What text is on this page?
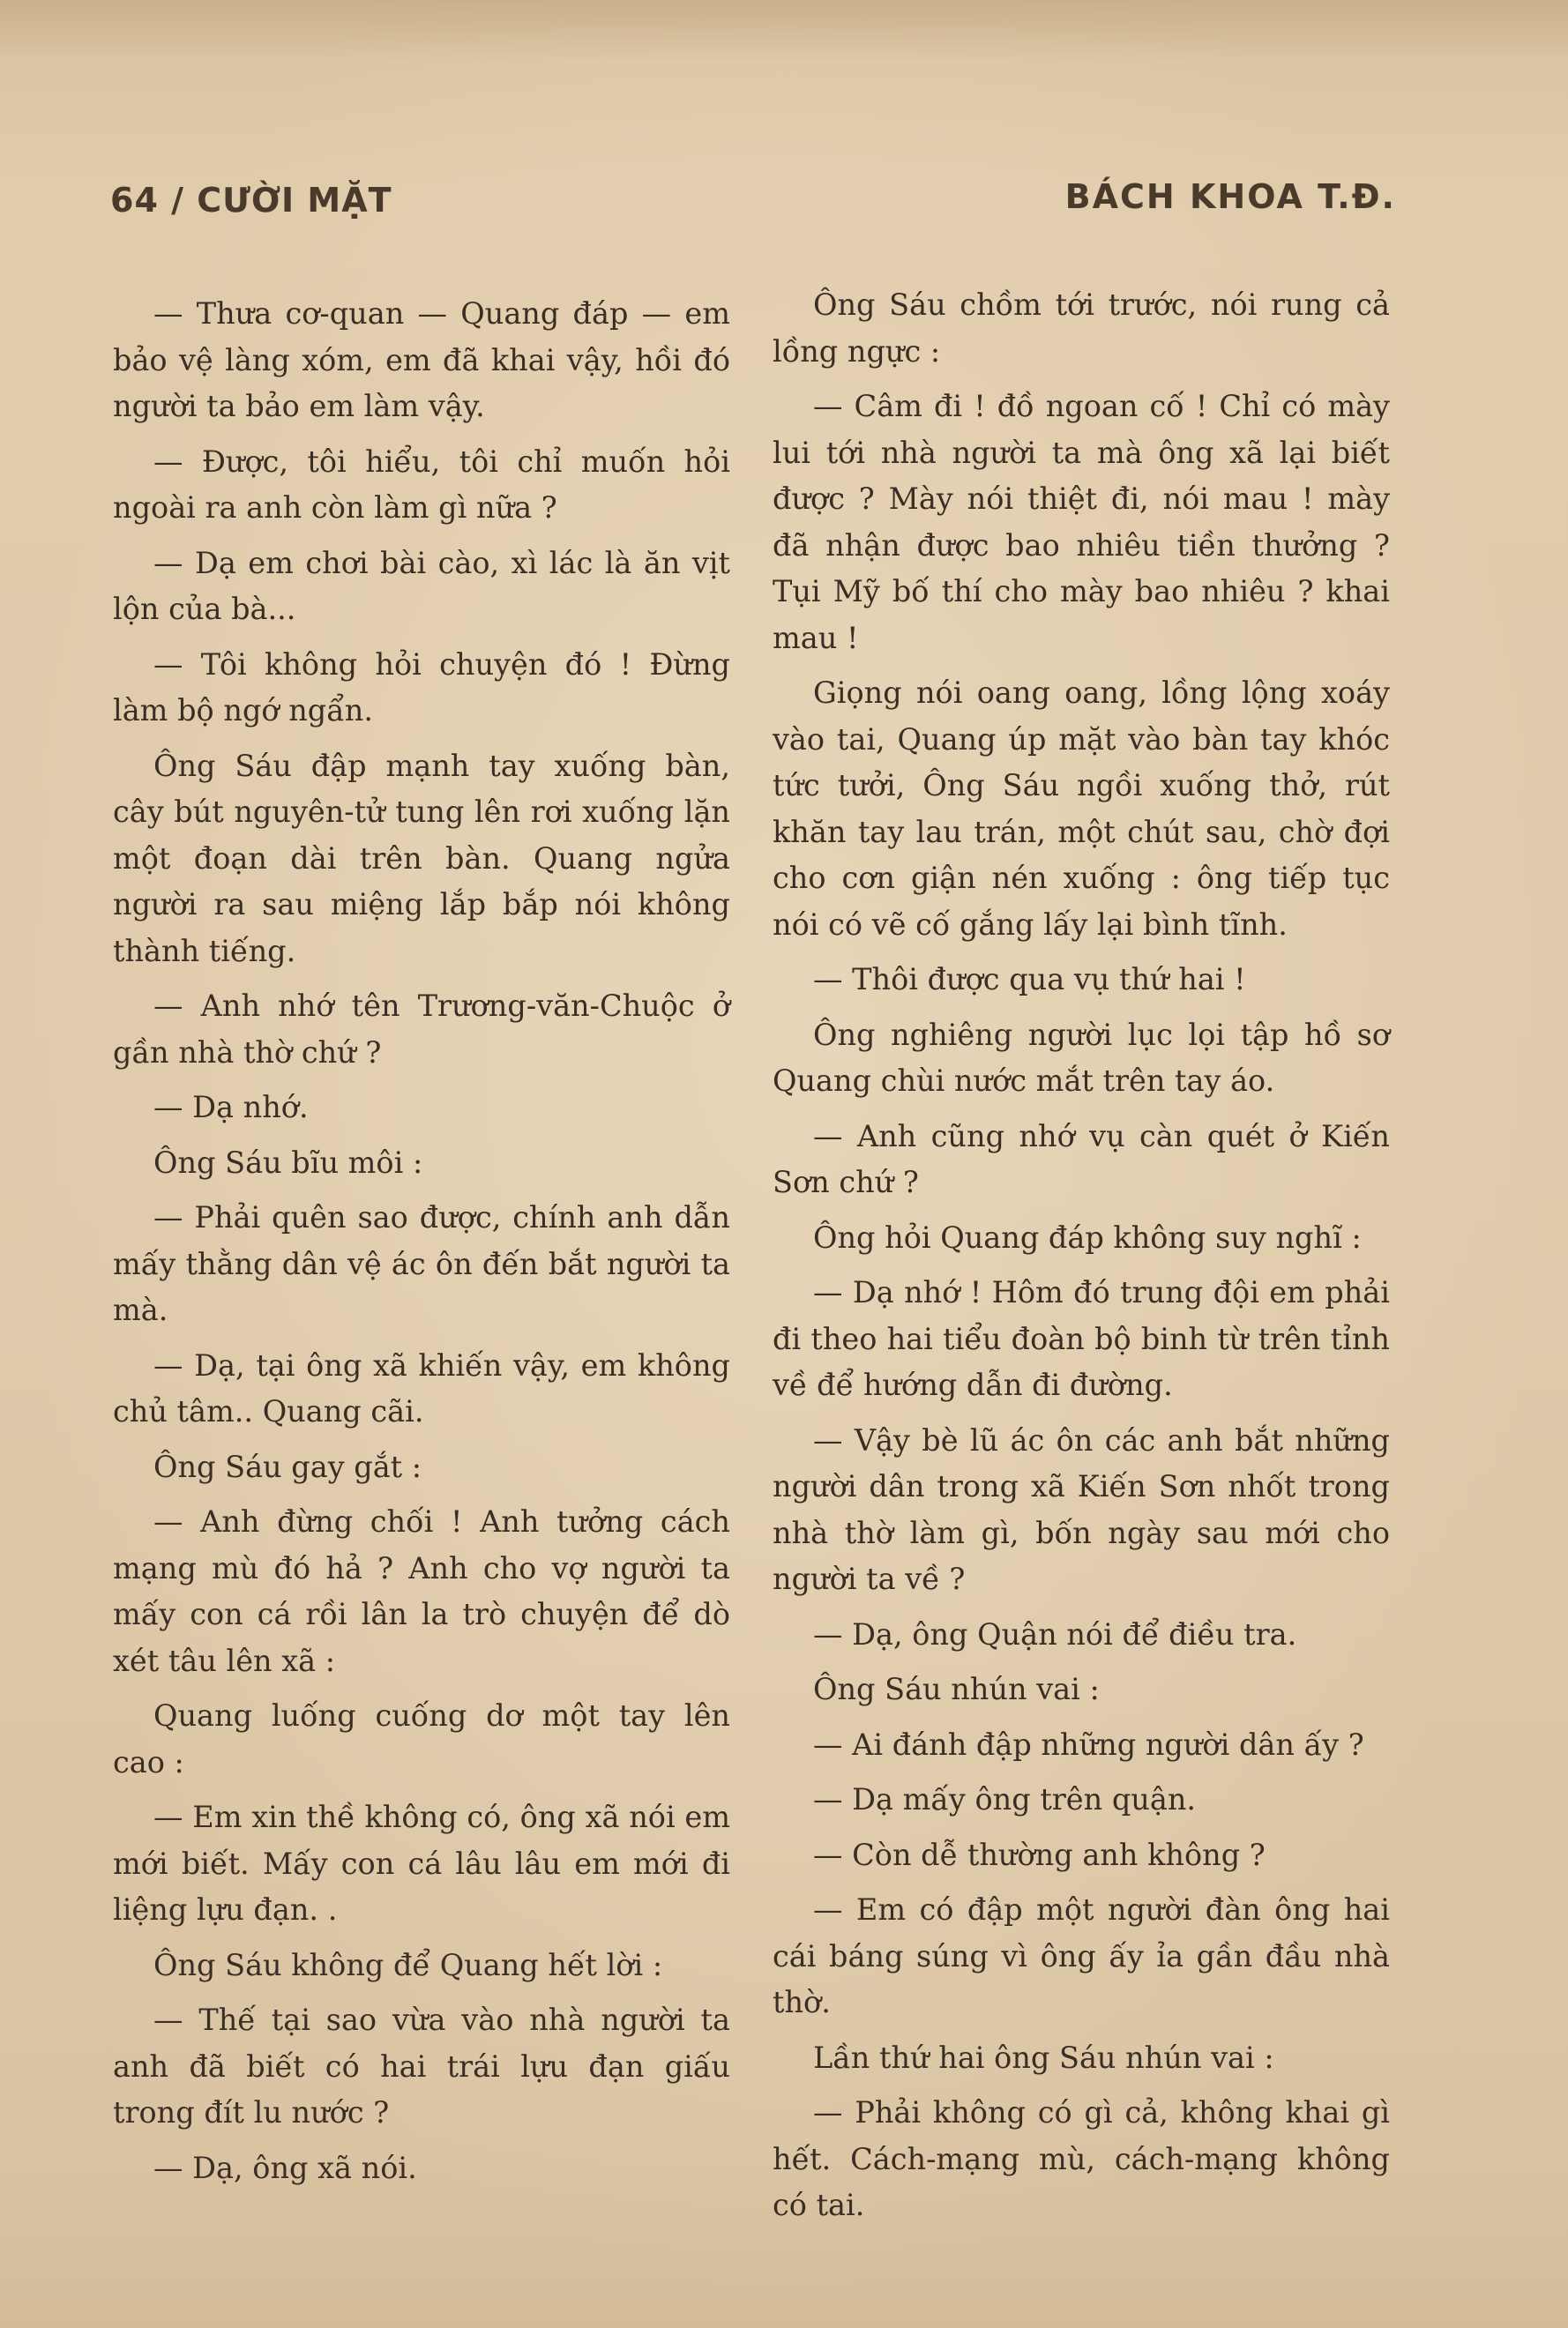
64 / CƯỜI MẶT	BÁCH KHOA T.Đ.

— Thưa cơ-quan — Quang đáp — em bảo vệ làng xóm, em đã khai vậy, hồi đó người ta bảo em làm vậy.

— Được, tôi hiểu, tôi chỉ muốn hỏi ngoài ra anh còn làm gì nữa ?

— Dạ em chơi bài cào, xì lác là ăn vịt lộn của bà...

— Tôi không hỏi chuyện đó ! Đừng làm bộ ngớ ngẩn.

Ông Sáu đập mạnh tay xuống bàn, cây bút nguyên-tử tung lên rơi xuống lặn một đoạn dài trên bàn. Quang ngửa người ra sau miệng lắp bắp nói không thành tiếng.

— Anh nhớ tên Trương-văn-Chuộc ở gần nhà thờ chứ ?

— Dạ nhớ.

Ông Sáu bĩu môi :

— Phải quên sao được, chính anh dẫn mấy thằng dân vệ ác ôn đến bắt người ta mà.

— Dạ, tại ông xã khiến vậy, em không chủ tâm.. Quang cãi.

Ông Sáu gay gắt :

— Anh đừng chối ! Anh tưởng cách mạng mù đó hả ? Anh cho vợ người ta mấy con cá rồi lân la trò chuyện để dò xét tâu lên xã :

Quang luống cuống dơ một tay lên cao :

— Em xin thề không có, ông xã nói em mới biết. Mấy con cá lâu lâu em mới đi liệng lựu đạn. .

Ông Sáu không để Quang hết lời :

— Thế tại sao vừa vào nhà người ta anh đã biết có hai trái lựu đạn giấu trong đít lu nước ?

— Dạ, ông xã nói.

Ông Sáu chồm tới trước, nói rung cả lồng ngực :

— Câm đi ! đồ ngoan cố ! Chỉ có mày lui tới nhà người ta mà ông xã lại biết được ? Mày nói thiệt đi, nói mau ! mày đã nhận được bao nhiêu tiền thưởng ? Tụi Mỹ bố thí cho mày bao nhiêu ? khai mau !

Giọng nói oang oang, lồng lộng xoáy vào tai, Quang úp mặt vào bàn tay khóc tức tưởi, Ông Sáu ngồi xuống thở, rút khăn tay lau trán, một chút sau, chờ đợi cho cơn giận nén xuống : ông tiếp tục nói có vẽ cố gắng lấy lại bình tĩnh.

— Thôi được qua vụ thứ hai !

Ông nghiêng người lục lọi tập hồ sơ Quang chùi nước mắt trên tay áo.

— Anh cũng nhớ vụ càn quét ở Kiến Sơn chứ ?

Ông hỏi Quang đáp không suy nghĩ :

— Dạ nhớ ! Hôm đó trung đội em phải đi theo hai tiểu đoàn bộ binh từ trên tỉnh về để hướng dẫn đi đường.

— Vậy bè lũ ác ôn các anh bắt những người dân trong xã Kiến Sơn nhốt trong nhà thờ làm gì, bốn ngày sau mới cho người ta về ?

— Dạ, ông Quận nói để điều tra.

Ông Sáu nhún vai :

— Ai đánh đập những người dân ấy ?

— Dạ mấy ông trên quận.

— Còn dễ thường anh không ?

— Em có đập một người đàn ông hai cái báng súng vì ông ấy ỉa gần đầu nhà thờ.

Lần thứ hai ông Sáu nhún vai :

— Phải không có gì cả, không khai gì hết. Cách-mạng mù, cách-mạng không có tai.
